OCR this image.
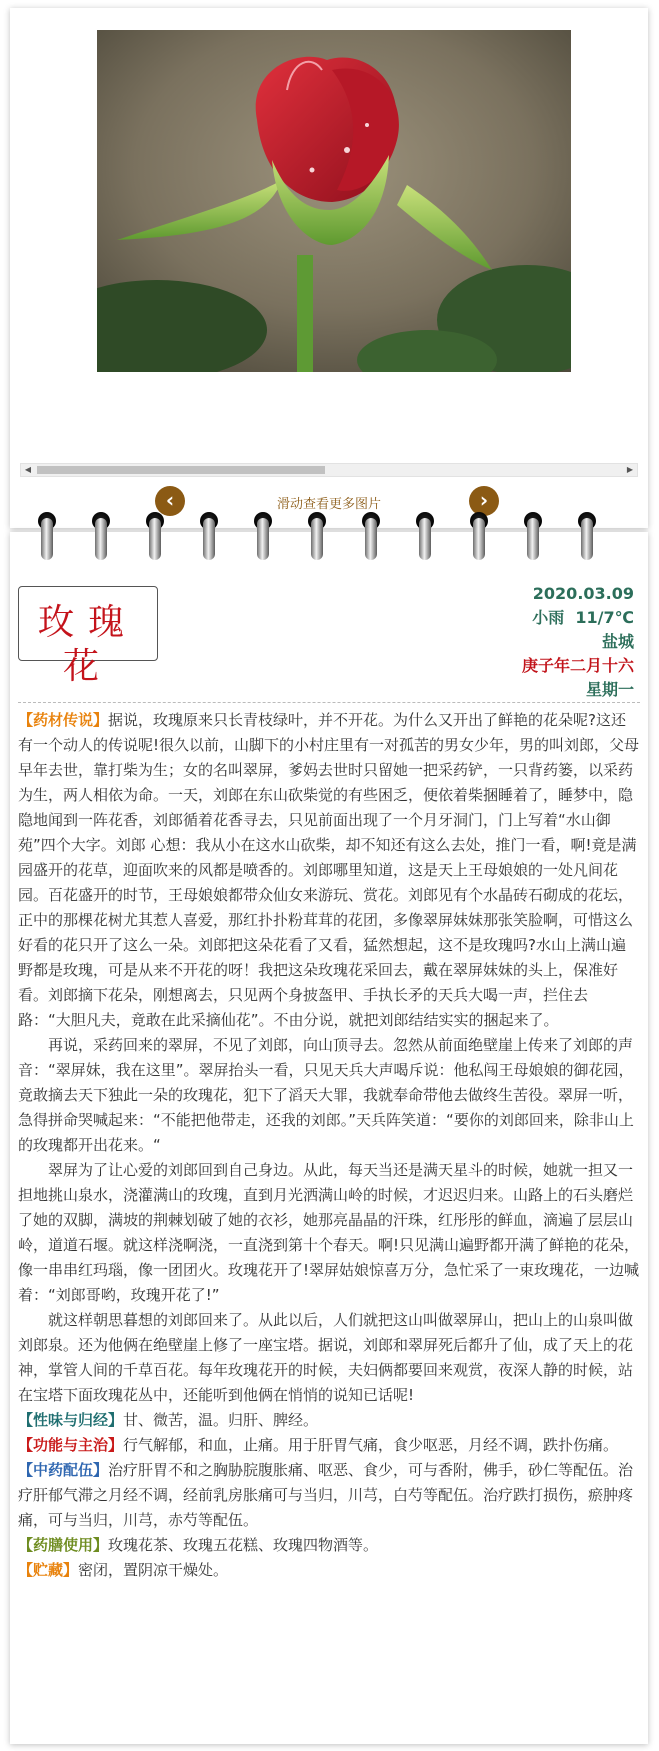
◀	▶
‹	滑动查看更多图片	›
玫瑰花
2020.03.09
小雨  11/7℃
盐城
庚子年二月十六
星期一

【药材传说】据说，玫瑰原来只长青枝绿叶，并不开花。为什么又开出了鲜艳的花朵呢?这还有一个动人的传说呢!很久以前，山脚下的小村庄里有一对孤苦的男女少年，男的叫刘郎，父母早年去世，靠打柴为生；女的名叫翠屏，爹妈去世时只留她一把采药铲，一只背药篓，以采药为生，两人相依为命。一天，刘郎在东山砍柴觉的有些困乏，便依着柴捆睡着了，睡梦中，隐隐地闻到一阵花香，刘郎循着花香寻去，只见前面出现了一个月牙洞门，门上写着“水山御苑”四个大字。刘郎 心想：我从小在这水山砍柴，却不知还有这么去处，推门一看，啊!竟是满园盛开的花草，迎面吹来的风都是喷香的。刘郎哪里知道，这是天上王母娘娘的一处凡间花园。百花盛开的时节，王母娘娘都带众仙女来游玩、赏花。刘郎见有个水晶砖石砌成的花坛，正中的那棵花树尤其惹人喜爱，那红扑扑粉茸茸的花团，多像翠屏妹妹那张笑脸啊，可惜这么好看的花只开了这么一朵。刘郎把这朵花看了又看，猛然想起，这不是玫瑰吗?水山上满山遍野都是玫瑰，可是从来不开花的呀！我把这朵玫瑰花采回去，戴在翠屏妹妹的头上，保准好看。刘郎摘下花朵，刚想离去，只见两个身披盔甲、手执长矛的天兵大喝一声，拦住去路：“大胆凡夫，竟敢在此采摘仙花”。不由分说，就把刘郎结结实实的捆起来了。

再说，采药回来的翠屏，不见了刘郎，向山顶寻去。忽然从前面绝壁崖上传来了刘郎的声音：“翠屏妹，我在这里”。翠屏抬头一看，只见天兵大声喝斥说：他私闯王母娘娘的御花园，竟敢摘去天下独此一朵的玫瑰花，犯下了滔天大罪，我就奉命带他去做终生苦役。翠屏一听，急得拼命哭喊起来：“不能把他带走，还我的刘郎。”天兵阵笑道：“要你的刘郎回来，除非山上的玫瑰都开出花来。“

翠屏为了让心爱的刘郎回到自己身边。从此，每天当还是满天星斗的时候，她就一担又一担地挑山泉水，浇灌满山的玫瑰，直到月光洒满山岭的时候，才迟迟归来。山路上的石头磨烂了她的双脚，满坡的荆棘划破了她的衣衫，她那亮晶晶的汗珠，红彤彤的鲜血，滴遍了层层山岭，道道石堰。就这样浇啊浇，一直浇到第十个春天。啊!只见满山遍野都开满了鲜艳的花朵，像一串串红玛瑙，像一团团火。玫瑰花开了!翠屏姑娘惊喜万分，急忙采了一束玫瑰花，一边喊着：“刘郎哥哟，玫瑰开花了!”

就这样朝思暮想的刘郎回来了。从此以后，人们就把这山叫做翠屏山，把山上的山泉叫做刘郎泉。还为他俩在绝壁崖上修了一座宝塔。据说，刘郎和翠屏死后都升了仙，成了天上的花神，掌管人间的千草百花。每年玫瑰花开的时候，夫妇俩都要回来观赏，夜深人静的时候，站在宝塔下面玫瑰花丛中，还能听到他俩在悄悄的说知已话呢!

【性味与归经】甘、微苦，温。归肝、脾经。

【功能与主治】行气解郁，和血，止痛。用于肝胃气痛，食少呕恶，月经不调，跌扑伤痛。

【中药配伍】治疗肝胃不和之胸胁脘腹胀痛、呕恶、食少，可与香附，佛手，砂仁等配伍。治疗肝郁气滞之月经不调，经前乳房胀痛可与当归，川芎，白芍等配伍。治疗跌打损伤，瘀肿疼痛，可与当归，川芎，赤芍等配伍。

【药膳使用】玫瑰花茶、玫瑰五花糕、玫瑰四物酒等。

【贮藏】密闭，置阴凉干燥处。
